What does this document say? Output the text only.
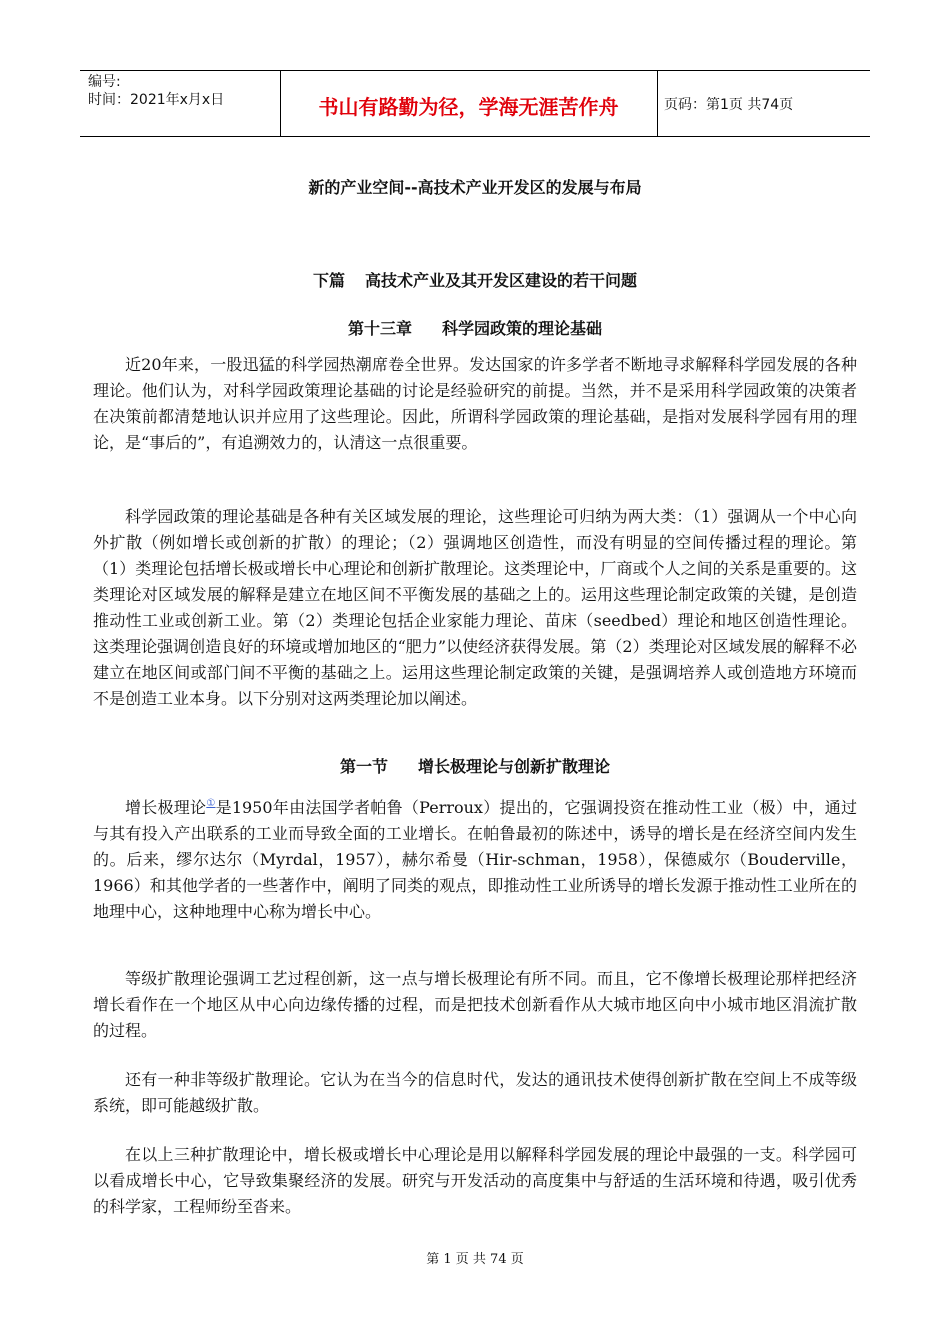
编号:
时间：2021年x月x日	书山有路勤为径，学海无涯苦作舟	页码：第1页 共74页
新的产业空间--高技术产业开发区的发展与布局
下篇 高技术产业及其开发区建设的若干问题
第十三章 科学园政策的理论基础

近20年来，一股迅猛的科学园热潮席卷全世界。发达国家的许多学者不断地寻求解释科学园发展的各种理论。他们认为，对科学园政策理论基础的讨论是经验研究的前提。当然，并不是采用科学园政策的决策者在决策前都清楚地认识并应用了这些理论。因此，所谓科学园政策的理论基础，是指对发展科学园有用的理论，是“事后的”，有追溯效力的，认清这一点很重要。

科学园政策的理论基础是各种有关区域发展的理论，这些理论可归纳为两大类：（1）强调从一个中心向外扩散（例如增长或创新的扩散）的理论；（2）强调地区创造性，而没有明显的空间传播过程的理论。第（1）类理论包括增长极或增长中心理论和创新扩散理论。这类理论中，厂商或个人之间的关系是重要的。这类理论对区域发展的解释是建立在地区间不平衡发展的基础之上的。运用这些理论制定政策的关键，是创造推动性工业或创新工业。第（2）类理论包括企业家能力理论、苗床（seedbed）理论和地区创造性理论。这类理论强调创造良好的环境或增加地区的“肥力”以使经济获得发展。第（2）类理论对区域发展的解释不必建立在地区间或部门间不平衡的基础之上。运用这些理论制定政策的关键，是强调培养人或创造地方环境而不是创造工业本身。以下分别对这两类理论加以阐述。

第一节 增长极理论与创新扩散理论

增长极理论①是1950年由法国学者帕鲁（Perroux）提出的，它强调投资在推动性工业（极）中，通过与其有投入产出联系的工业而导致全面的工业增长。在帕鲁最初的陈述中，诱导的增长是在经济空间内发生的。后来，缪尔达尔（Myrdal，1957），赫尔希曼（Hir-schman，1958），保德威尔（Bouderville，1966）和其他学者的一些著作中，阐明了同类的观点，即推动性工业所诱导的增长发源于推动性工业所在的地理中心，这种地理中心称为增长中心。

等级扩散理论强调工艺过程创新，这一点与增长极理论有所不同。而且，它不像增长极理论那样把经济增长看作在一个地区从中心向边缘传播的过程，而是把技术创新看作从大城市地区向中小城市地区涓流扩散的过程。

还有一种非等级扩散理论。它认为在当今的信息时代，发达的通讯技术使得创新扩散在空间上不成等级系统，即可能越级扩散。

在以上三种扩散理论中，增长极或增长中心理论是用以解释科学园发展的理论中最强的一支。科学园可以看成增长中心，它导致集聚经济的发展。研究与开发活动的高度集中与舒适的生活环境和待遇，吸引优秀的科学家，工程师纷至沓来。

第 1 页 共 74 页
